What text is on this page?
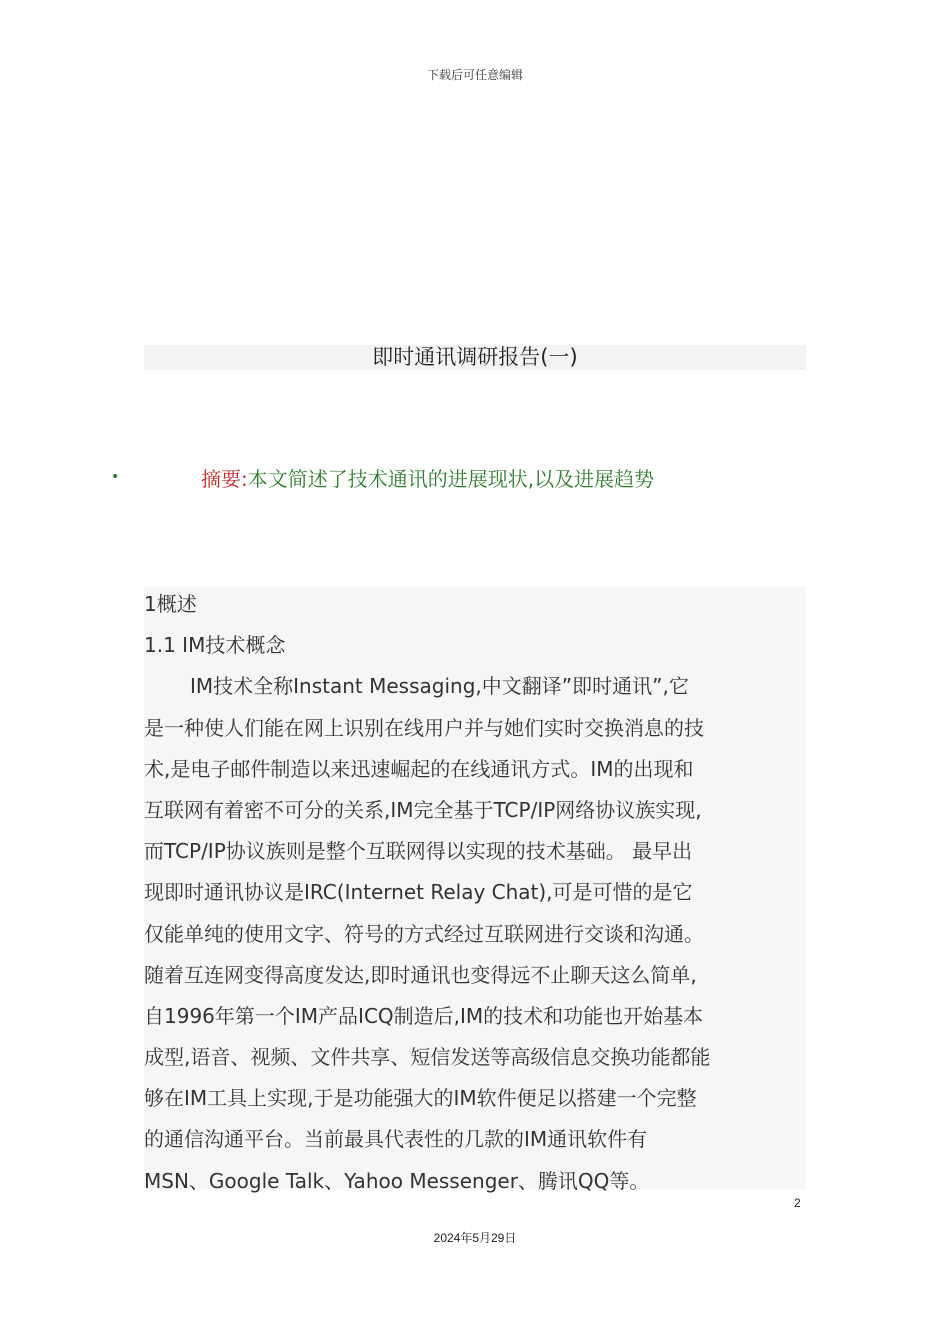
下载后可任意编辑
即时通讯调研报告(一)
•	摘要:本文简述了技术通讯的进展现状,以及进展趋势
1概述
1.1 IM技术概念
IM技术全称Instant Messaging,中文翻译”即时通讯”,它
是一种使人们能在网上识别在线用户并与她们实时交换消息的技
术,是电子邮件制造以来迅速崛起的在线通讯方式。IM的出现和
互联网有着密不可分的关系,IM完全基于TCP/IP网络协议族实现,
而TCP/IP协议族则是整个互联网得以实现的技术基础。 最早出
现即时通讯协议是IRC(Internet Relay Chat),可是可惜的是它
仅能单纯的使用文字、符号的方式经过互联网进行交谈和沟通。
随着互连网变得高度发达,即时通讯也变得远不止聊天这么简单,
自1996年第一个IM产品ICQ制造后,IM的技术和功能也开始基本
成型,语音、视频、文件共享、短信发送等高级信息交换功能都能
够在IM工具上实现,于是功能强大的IM软件便足以搭建一个完整
的通信沟通平台。当前最具代表性的几款的IM通讯软件有
MSN、Google Talk、Yahoo Messenger、腾讯QQ等。
2
2024年5月29日
